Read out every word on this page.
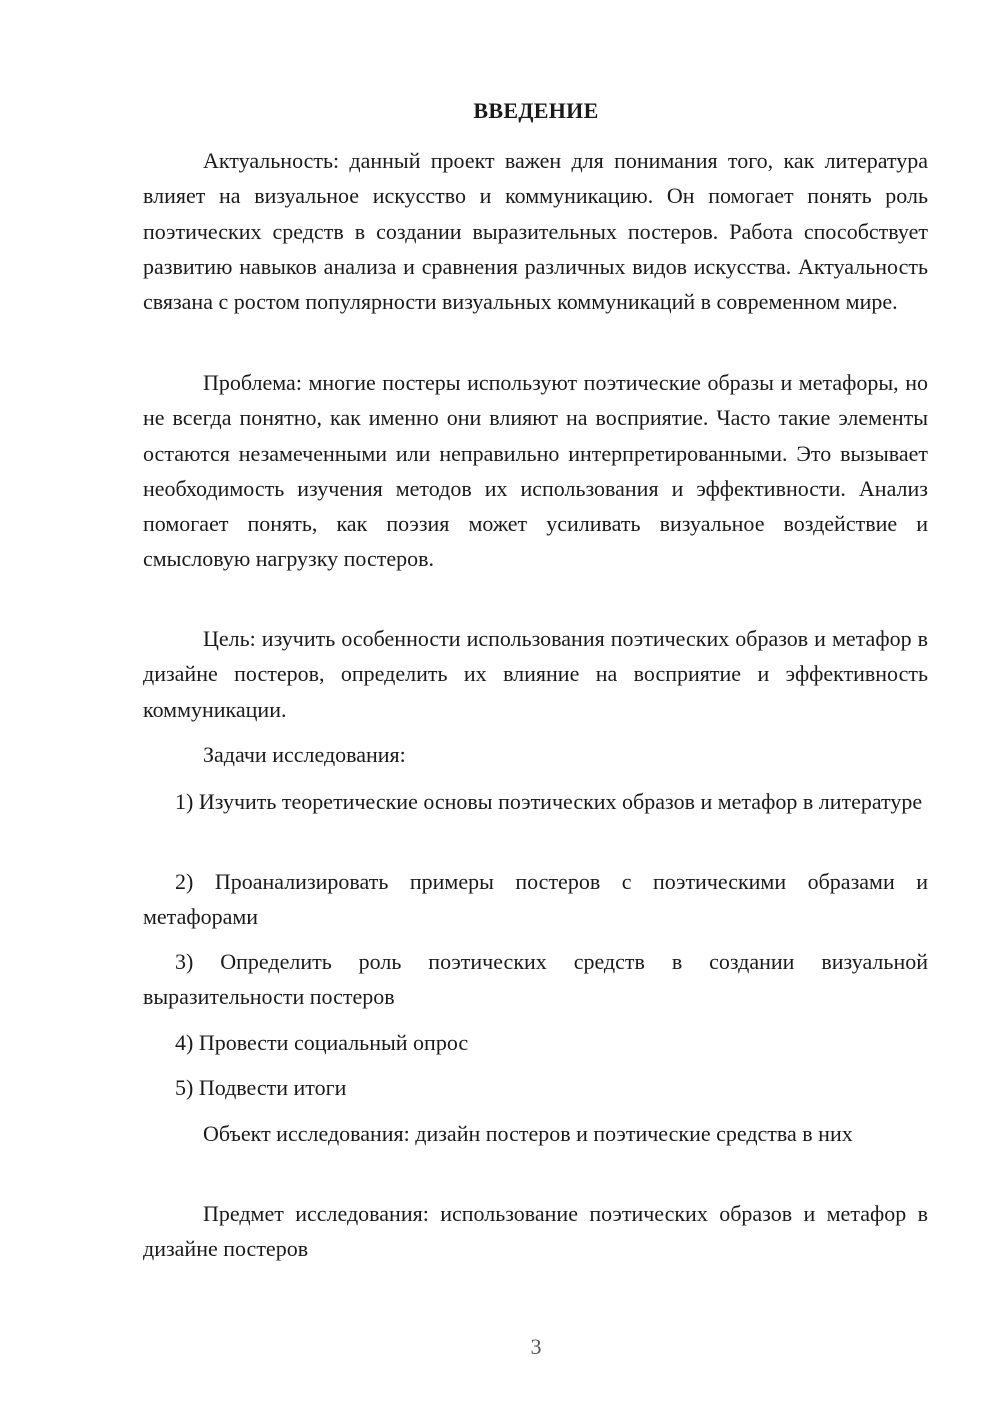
ВВЕДЕНИЕ

Актуальность: данный проект важен для понимания того, как литература влияет на визуальное искусство и коммуникацию. Он помогает понять роль поэтических средств в создании выразительных постеров. Работа способствует развитию навыков анализа и сравнения различных видов искусства. Актуальность связана с ростом популярности визуальных коммуникаций в современном мире.

Проблема: многие постеры используют поэтические образы и метафоры, но не всегда понятно, как именно они влияют на восприятие. Часто такие элементы остаются незамеченными или неправильно интерпретированными. Это вызывает необходимость изучения методов их использования и эффективности. Анализ помогает понять, как поэзия может усиливать визуальное воздействие и смысловую нагрузку постеров.

Цель: изучить особенности использования поэтических образов и метафор в дизайне постеров, определить их влияние на восприятие и эффективность коммуникации.

Задачи исследования:

1) Изучить теоретические основы поэтических образов и метафор в литературе

2) Проанализировать примеры постеров с поэтическими образами и метафорами

3) Определить роль поэтических средств в создании визуальной выразительности постеров

4) Провести социальный опрос

5) Подвести итоги

Объект исследования: дизайн постеров и поэтические средства в них

Предмет исследования: использование поэтических образов и метафор в дизайне постеров

3
